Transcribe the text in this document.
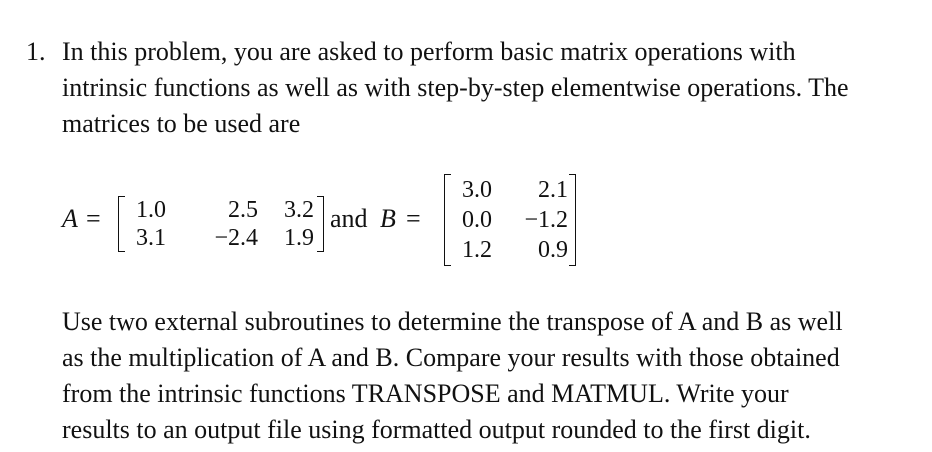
1. In this problem, you are asked to perform basic matrix operations with
intrinsic functions as well as with step-by-step elementwise operations. The
matrices to be used are

A =	1.0	2.5	3.2
3.1	−2.4	1.9
and B =
3.0	2.1
0.0	−1.2
1.2	0.9

Use two external subroutines to determine the transpose of A and B as well
as the multiplication of A and B. Compare your results with those obtained
from the intrinsic functions TRANSPOSE and MATMUL. Write your
results to an output file using formatted output rounded to the first digit.
